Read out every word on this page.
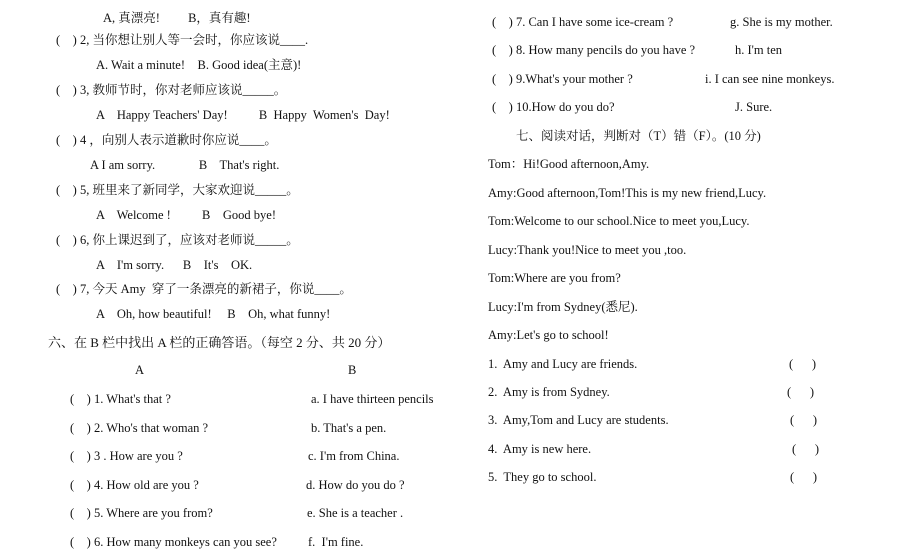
A, 真漂亮!         B，真有趣!
(    ) 2, 当你想让别人等一会时，你应该说____.
A. Wait a minute!    B. Good idea(主意)!
(    ) 3, 教师节时，你对老师应该说_____。
A    Happy Teachers' Day!          B  Happy  Women's  Day!
(    ) 4 ，向别人表示道歉时你应说____。
A I am sorry.              B    That's right.
(    ) 5, 班里来了新同学，大家欢迎说_____。
A    Welcome !          B    Good bye!
(    ) 6, 你上课迟到了，应该对老师说_____。
A    I'm sorry.      B    It's    OK.
(    ) 7, 今天 Amy  穿了一条漂亮的新裙子，你说____。
A    Oh, how beautiful!     B    Oh, what funny!
六、在 B 栏中找出 A 栏的正确答语。（每空 2 分、共 20 分）
A	B
(    ) 1. What's that ?	a. I have thirteen pencils
(    ) 2. Who's that woman ?	b. That's a pen.
(    ) 3 . How are you ?	c. I'm from China.
(    ) 4. How old are you ?	d. How do you do ?
(    ) 5. Where are you from?	e. She is a teacher .
(    ) 6. How many monkeys can you see? f.  I'm fine.
(    ) 7. Can I have some ice-cream ?	g. She is my mother.
(    ) 8. How many pencils do you have ?	h. I'm ten
(    ) 9.What's your mother ?	i. I can see nine monkeys.
(    ) 10.How do you do?	J. Sure.
七、阅读对话，判断对（T）错（F）。(10 分)
Tom：Hi!Good afternoon,Amy.
Amy:Good afternoon,Tom!This is my new friend,Lucy.
Tom:Welcome to our school.Nice to meet you,Lucy.
Lucy:Thank you!Nice to meet you ,too.
Tom:Where are you from?
Lucy:I'm from Sydney(悉尼).
Amy:Let's go to school!
1.  Amy and Lucy are friends.	(      )
2.  Amy is from Sydney.	(      )
3.  Amy,Tom and Lucy are students.	(      )
4.  Amy is new here.	(      )
5.  They go to school.	(      )
